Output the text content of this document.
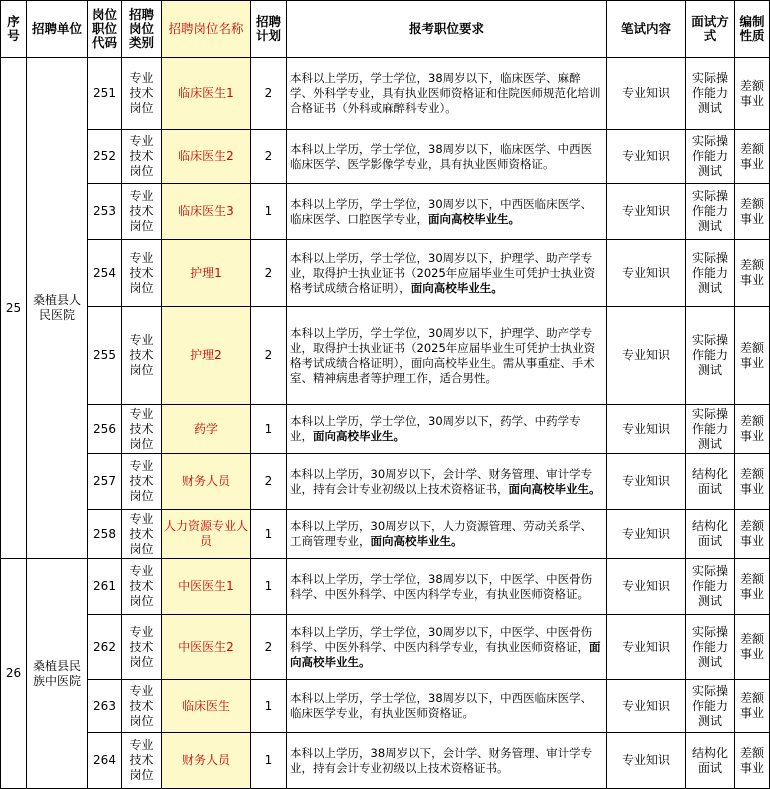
序号	招聘单位	岗位职位代码	招聘岗位类别	招聘岗位名称	招聘计划	报考职位要求	笔试内容	面试方式	编制性质
25	桑植县人民医院	251	专业技术岗位	临床医生1	2	本科以上学历，学士学位，38周岁以下，临床医学、麻醉学、外科学专业，具有执业医师资格证和住院医师规范化培训合格证书（外科或麻醉科专业）。	专业知识	实际操作能力测试	差额事业
		252	专业技术岗位	临床医生2	2	本科以上学历，学士学位，38周岁以下，临床医学、中西医临床医学、医学影像学专业，具有执业医师资格证。	专业知识	实际操作能力测试	差额事业
		253	专业技术岗位	临床医生3	1	本科以上学历，学士学位，30周岁以下，中西医临床医学、临床医学、口腔医学专业，面向高校毕业生。	专业知识	实际操作能力测试	差额事业
		254	专业技术岗位	护理1	2	本科以上学历，学士学位，30周岁以下，护理学、助产学专业，取得护士执业证书（2025年应届毕业生可凭护士执业资格考试成绩合格证明），面向高校毕业生。	专业知识	实际操作能力测试	差额事业
		255	专业技术岗位	护理2	2	本科以上学历，学士学位，30周岁以下，护理学、助产学专业，取得护士执业证书（2025年应届毕业生可凭护士执业资格考试成绩合格证明），面向高校毕业生。需从事重症、手术室、精神病患者等护理工作，适合男性。	专业知识	实际操作能力测试	差额事业
		256	专业技术岗位	药学	1	本科以上学历，学士学位，30周岁以下，药学、中药学专业，面向高校毕业生。	专业知识	实际操作能力测试	差额事业
		257	专业技术岗位	财务人员	2	本科以上学历，30周岁以下，会计学、财务管理、审计学专业，持有会计专业初级以上技术资格证书，面向高校毕业生。	专业知识	结构化面试	差额事业
		258	专业技术岗位	人力资源专业人员	1	本科以上学历，30周岁以下，人力资源管理、劳动关系学、工商管理专业，面向高校毕业生。	专业知识	结构化面试	差额事业
26	桑植县民族中医院	261	专业技术岗位	中医医生1	1	本科以上学历，学士学位，38周岁以下，中医学、中医骨伤科学、中医外科学、中医内科学专业，有执业医师资格证。	专业知识	实际操作能力测试	差额事业
		262	专业技术岗位	中医医生2	2	本科以上学历，学士学位，30周岁以下，中医学、中医骨伤科学、中医外科学、中医内科学专业，有执业医师资格证，面向高校毕业生。	专业知识	实际操作能力测试	差额事业
		263	专业技术岗位	临床医生	1	本科以上学历，学士学位，38周岁以下，中西医临床医学、临床医学专业，有执业医师资格证。	专业知识	实际操作能力测试	差额事业
		264	专业技术岗位	财务人员	1	本科以上学历，38周岁以下，会计学、财务管理、审计学专业，持有会计专业初级以上技术资格证书。	专业知识	结构化面试	差额事业
